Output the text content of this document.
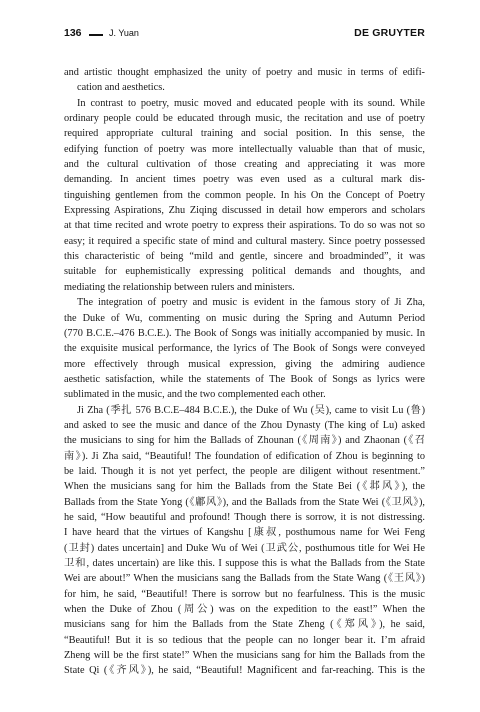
136	J. Yuan	DE GRUYTER
and artistic thought emphasized the unity of poetry and music in terms of edifi-
cation and aesthetics.
In contrast to poetry, music moved and educated people with its sound. While
ordinary people could be educated through music, the recitation and use of poetry
required appropriate cultural training and social position. In this sense, the
edifying function of poetry was more intellectually valuable than that of music,
and the cultural cultivation of those creating and appreciating it was more
demanding. In ancient times poetry was even used as a cultural mark dis-
tinguishing gentlemen from the common people. In his On the Concept of Poetry
Expressing Aspirations, Zhu Ziqing discussed in detail how emperors and scholars
at that time recited and wrote poetry to express their aspirations. To do so was not so
easy; it required a specific state of mind and cultural mastery. Since poetry possessed
this characteristic of being “mild and gentle, sincere and broadminded”, it was
suitable for euphemistically expressing political demands and thoughts, and
mediating the relationship between rulers and ministers.
The integration of poetry and music is evident in the famous story of Ji Zha,
the Duke of Wu, commenting on music during the Spring and Autumn Period
(770 B.C.E.–476 B.C.E.). The Book of Songs was initially accompanied by music. In
the exquisite musical performance, the lyrics of The Book of Songs were conveyed
more effectively through musical expression, giving the admiring audience
aesthetic satisfaction, while the statements of The Book of Songs as lyrics were
sublimated in the music, and the two complemented each other.
Ji Zha (季扎 576 B.C.E–484 B.C.E.), the Duke of Wu (吴), came to visit Lu (鲁)
and asked to see the music and dance of the Zhou Dynasty (The king of Lu) asked
the musicians to sing for him the Ballads of Zhounan (《周南》) and Zhaonan (《召
南》). Ji Zha said, “Beautiful! The foundation of edification of Zhou is beginning to
be laid. Though it is not yet perfect, the people are diligent without resentment.”
When the musicians sang for him the Ballads from the State Bei (《邶风》), the
Ballads from the State Yong (《鄘风》), and the Ballads from the State Wei (《卫风》),
he said, “How beautiful and profound! Though there is sorrow, it is not distressing.
I have heard that the virtues of Kangshu [康叔, posthumous name for Wei Feng
(卫封) dates uncertain] and Duke Wu of Wei (卫武公, posthumous title for Wei He
卫和, dates uncertain) are like this. I suppose this is what the Ballads from the State
Wei are about!” When the musicians sang the Ballads from the State Wang (《王风》)
for him, he said, “Beautiful! There is sorrow but no fearfulness. This is the music
when the Duke of Zhou (周公) was on the expedition to the east!” When the
musicians sang for him the Ballads from the State Zheng (《郑风》), he said,
“Beautiful! But it is so tedious that the people can no longer bear it. I’m afraid
Zheng will be the first state!” When the musicians sang for him the Ballads from the
State Qi (《齐风》), he said, “Beautiful! Magnificent and far-reaching. This is the
